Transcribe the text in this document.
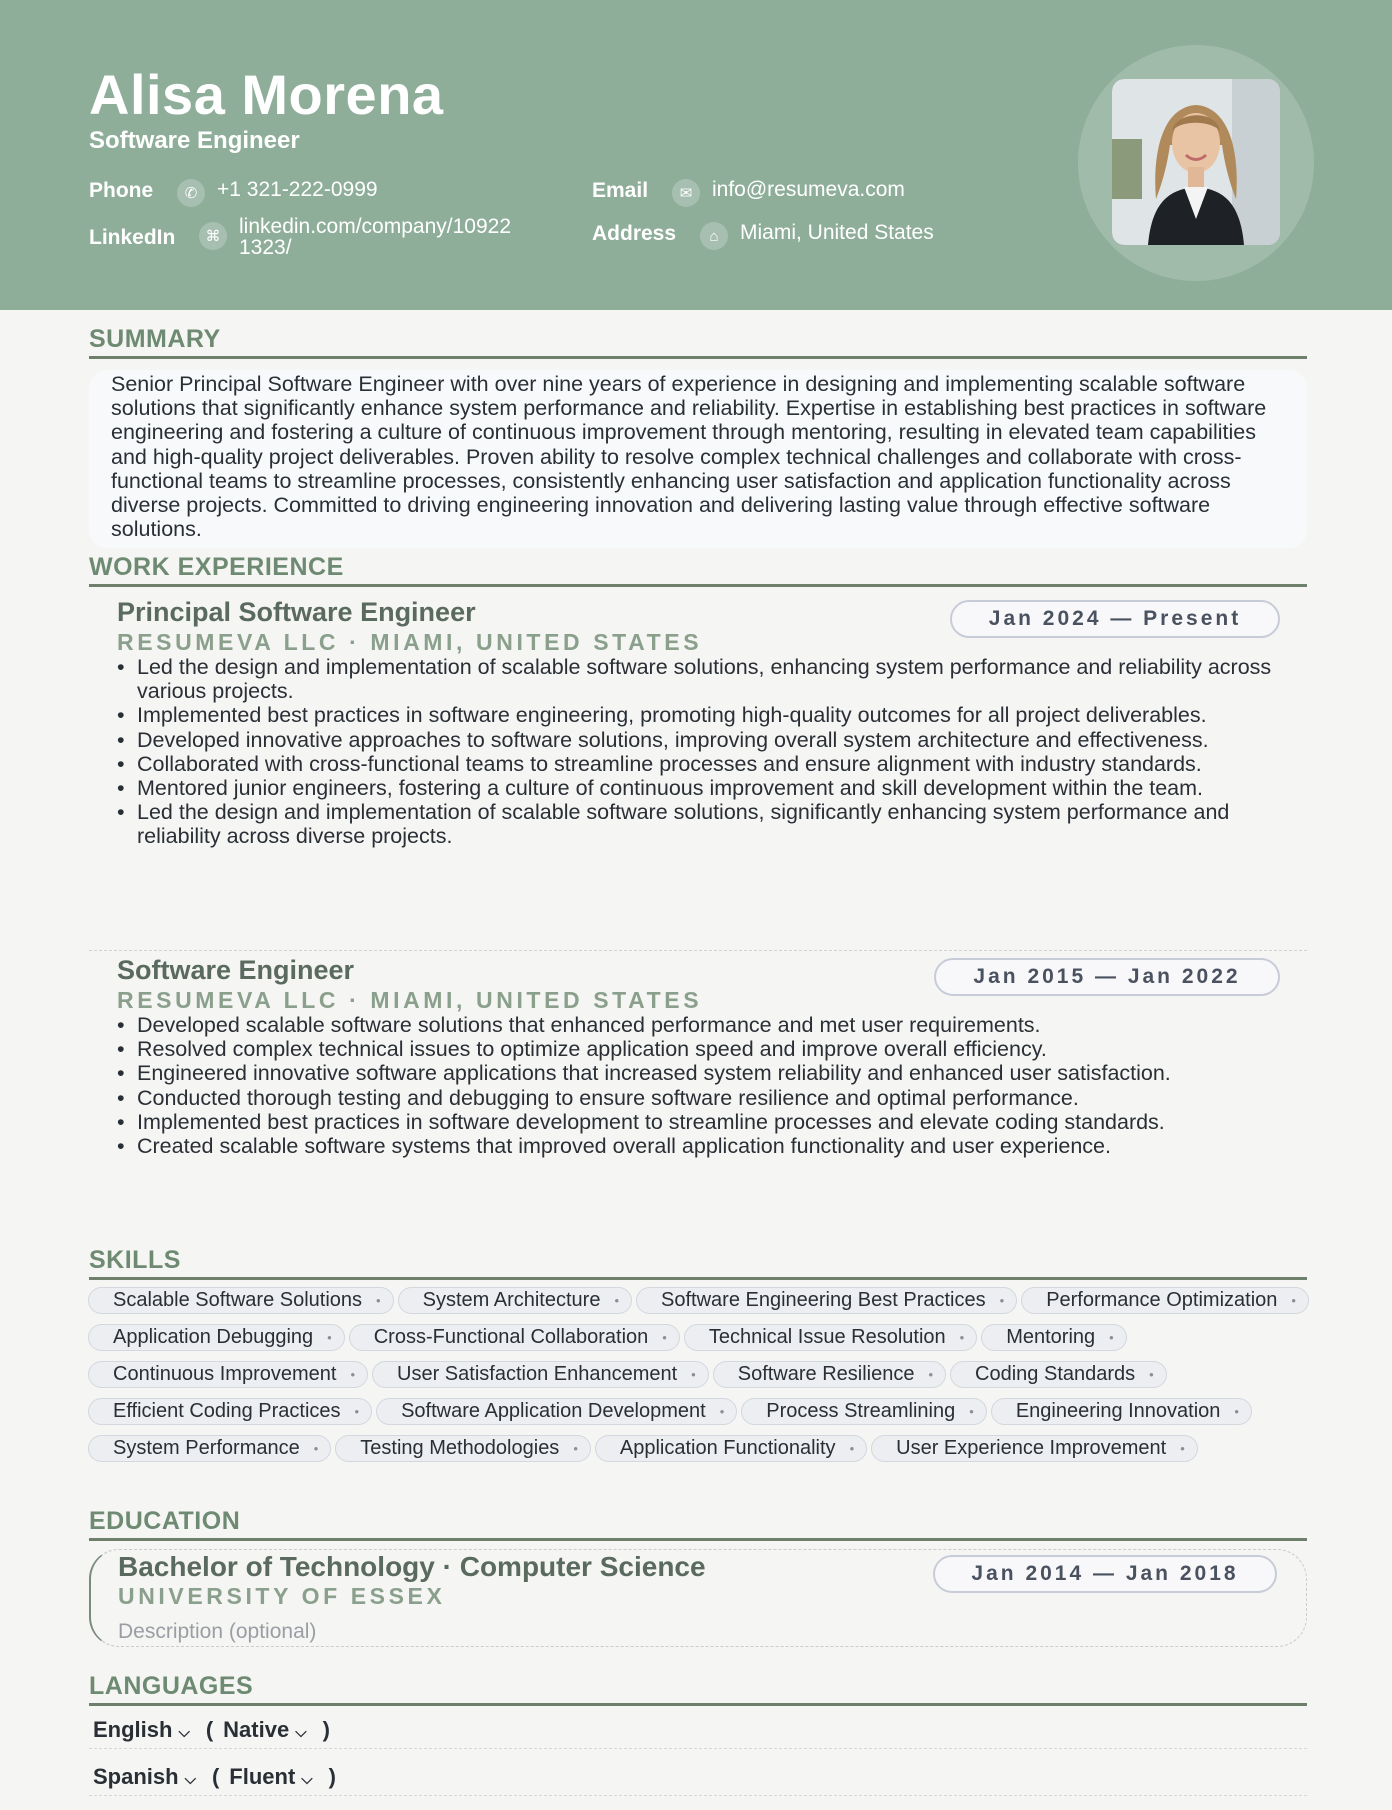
Alisa Morena
Software Engineer
Phone	✆ +1 321-222-0999	Email	✉ info@resumeva.com
LinkedIn	⌘ linkedin.com/company/10922
1323/
Address	⌂	Miami, United States
SUMMARY
Senior Principal Software Engineer with over nine years of experience in designing and implementing scalable software solutions that significantly enhance system performance and reliability. Expertise in establishing best practices in software engineering and fostering a culture of continuous improvement through mentoring, resulting in elevated team capabilities and high-quality project deliverables. Proven ability to resolve complex technical challenges and collaborate with cross-functional teams to streamline processes, consistently enhancing user satisfaction and application functionality across diverse projects. Committed to driving engineering innovation and delivering lasting value through effective software solutions.
WORK EXPERIENCE
Principal Software Engineer
RESUMEVA LLC · MIAMI, UNITED STATES
Jan 2024 — Present
• Led the design and implementation of scalable software solutions, enhancing system performance and reliability across various projects.
• Implemented best practices in software engineering, promoting high-quality outcomes for all project deliverables.
• Developed innovative approaches to software solutions, improving overall system architecture and effectiveness.
• Collaborated with cross-functional teams to streamline processes and ensure alignment with industry standards.
• Mentored junior engineers, fostering a culture of continuous improvement and skill development within the team.
• Led the design and implementation of scalable software solutions, significantly enhancing system performance and reliability across diverse projects.
Software Engineer
RESUMEVA LLC · MIAMI, UNITED STATES
Jan 2015 — Jan 2022
• Developed scalable software solutions that enhanced performance and met user requirements.
• Resolved complex technical issues to optimize application speed and improve overall efficiency.
• Engineered innovative software applications that increased system reliability and enhanced user satisfaction.
• Conducted thorough testing and debugging to ensure software resilience and optimal performance.
• Implemented best practices in software development to streamline processes and elevate coding standards.
• Created scalable software systems that improved overall application functionality and user experience.
SKILLS
Scalable Software Solutions • System Architecture • Software Engineering Best Practices • Performance Optimization •
Application Debugging • Cross-Functional Collaboration • Technical Issue Resolution • Mentoring •
Continuous Improvement • User Satisfaction Enhancement • Software Resilience • Coding Standards •
Efficient Coding Practices • Software Application Development • Process Streamlining • Engineering Innovation •
System Performance • Testing Methodologies • Application Functionality • User Experience Improvement •
EDUCATION
Bachelor of Technology · Computer Science
UNIVERSITY OF ESSEX
Jan 2014 — Jan 2018
Description (optional)
LANGUAGES
English ⌵ ( Native ⌵ )
Spanish ⌵ ( Fluent ⌵ )
